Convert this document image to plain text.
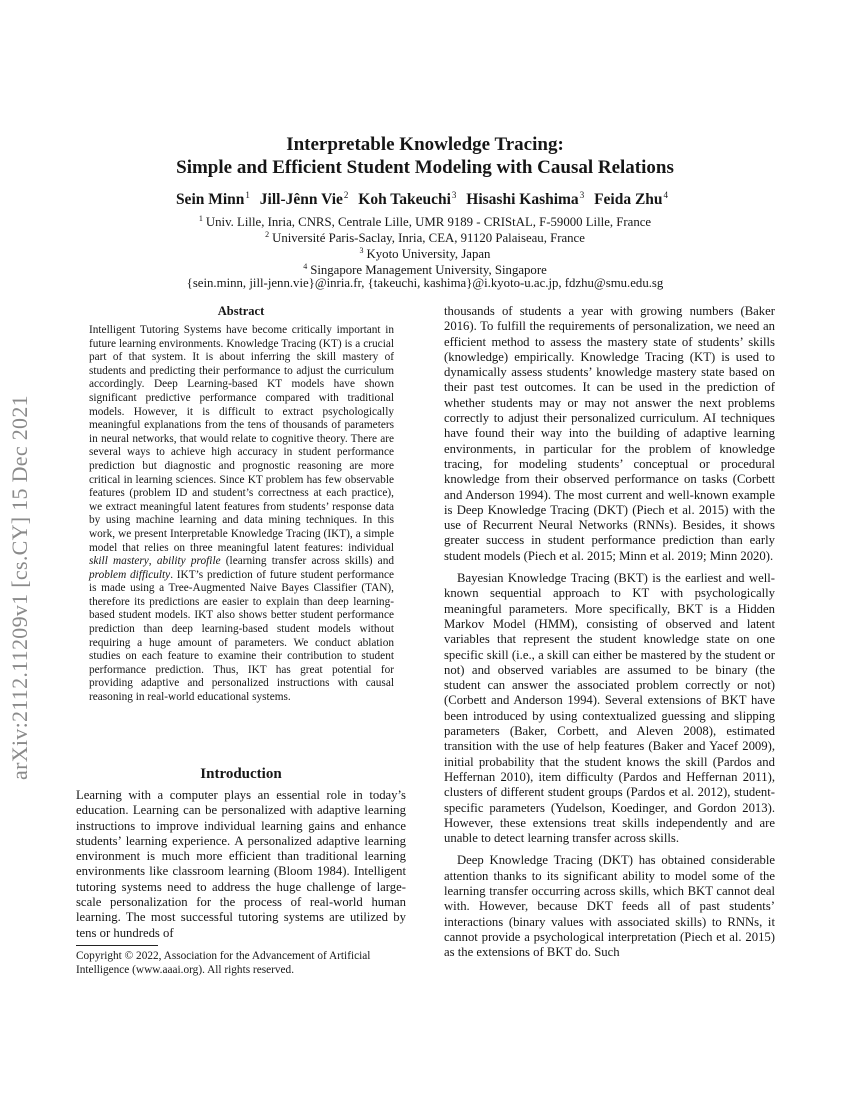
arXiv:2112.11209v1 [cs.CY] 15 Dec 2021
Interpretable Knowledge Tracing:
Simple and Efficient Student Modeling with Causal Relations
Sein Minn$^1$ Jill-Jênn Vie$^2$ Koh Takeuchi$^3$ Hisashi Kashima$^3$ Feida Zhu$^4$
$^1$ Univ. Lille, Inria, CNRS, Centrale Lille, UMR 9189 - CRIStAL, F-59000 Lille, France
$^2$ Université Paris-Saclay, Inria, CEA, 91120 Palaiseau, France
$^3$ Kyoto University, Japan
$^4$ Singapore Management University, Singapore
{sein.minn, jill-jenn.vie}@inria.fr, {takeuchi, kashima}@i.kyoto-u.ac.jp, fdzhu@smu.edu.sg
Abstract

Intelligent Tutoring Systems have become critically important in future learning environments. Knowledge Tracing (KT) is a crucial part of that system. It is about inferring the skill mastery of students and predicting their performance to adjust the curriculum accordingly. Deep Learning-based KT models have shown significant predictive performance compared with traditional models. However, it is difficult to extract psychologically meaningful explanations from the tens of thousands of parameters in neural networks, that would relate to cognitive theory. There are several ways to achieve high accuracy in student performance prediction but diagnostic and prognostic reasoning are more critical in learning sciences. Since KT problem has few observable features (problem ID and student’s correctness at each practice), we extract meaningful latent features from students’ response data by using machine learning and data mining techniques. In this work, we present Interpretable Knowledge Tracing (IKT), a simple model that relies on three meaningful latent features: individual skill mastery, ability profile (learning transfer across skills) and problem difficulty. IKT’s prediction of future student performance is made using a Tree-Augmented Naive Bayes Classifier (TAN), therefore its predictions are easier to explain than deep learning-based student models. IKT also shows better student performance prediction than deep learning-based student models without requiring a huge amount of parameters. We conduct ablation studies on each feature to examine their contribution to student performance prediction. Thus, IKT has great potential for providing adaptive and personalized instructions with causal reasoning in real-world educational systems.

Introduction

Learning with a computer plays an essential role in today’s education. Learning can be personalized with adaptive learning instructions to improve individual learning gains and enhance students’ learning experience. A personalized adaptive learning environment is much more efficient than traditional learning environments like classroom learning (Bloom 1984). Intelligent tutoring systems need to address the huge challenge of large-scale personalization for the process of real-world human learning. The most successful tutoring systems are utilized by tens or hundreds of

Copyright © 2022, Association for the Advancement of Artificial Intelligence (www.aaai.org). All rights reserved.

thousands of students a year with growing numbers (Baker 2016). To fulfill the requirements of personalization, we need an efficient method to assess the mastery state of students’ skills (knowledge) empirically. Knowledge Tracing (KT) is used to dynamically assess students’ knowledge mastery state based on their past test outcomes. It can be used in the prediction of whether students may or may not answer the next problems correctly to adjust their personalized curriculum. AI techniques have found their way into the building of adaptive learning environments, in particular for the problem of knowledge tracing, for modeling students’ conceptual or procedural knowledge from their observed performance on tasks (Corbett and Anderson 1994). The most current and well-known example is Deep Knowledge Tracing (DKT) (Piech et al. 2015) with the use of Recurrent Neural Networks (RNNs). Besides, it shows greater success in student performance prediction than early student models (Piech et al. 2015; Minn et al. 2019; Minn 2020).

Bayesian Knowledge Tracing (BKT) is the earliest and well-known sequential approach to KT with psychologically meaningful parameters. More specifically, BKT is a Hidden Markov Model (HMM), consisting of observed and latent variables that represent the student knowledge state on one specific skill (i.e., a skill can either be mastered by the student or not) and observed variables are assumed to be binary (the student can answer the associated problem correctly or not) (Corbett and Anderson 1994). Several extensions of BKT have been introduced by using contextualized guessing and slipping parameters (Baker, Corbett, and Aleven 2008), estimated transition with the use of help features (Baker and Yacef 2009), initial probability that the student knows the skill (Pardos and Heffernan 2010), item difficulty (Pardos and Heffernan 2011), clusters of different student groups (Pardos et al. 2012), student-specific parameters (Yudelson, Koedinger, and Gordon 2013). However, these extensions treat skills independently and are unable to detect learning transfer across skills.

Deep Knowledge Tracing (DKT) has obtained considerable attention thanks to its significant ability to model some of the learning transfer occurring across skills, which BKT cannot deal with. However, because DKT feeds all of past students’ interactions (binary values with associated skills) to RNNs, it cannot provide a psychological interpretation (Piech et al. 2015) as the extensions of BKT do. Such
